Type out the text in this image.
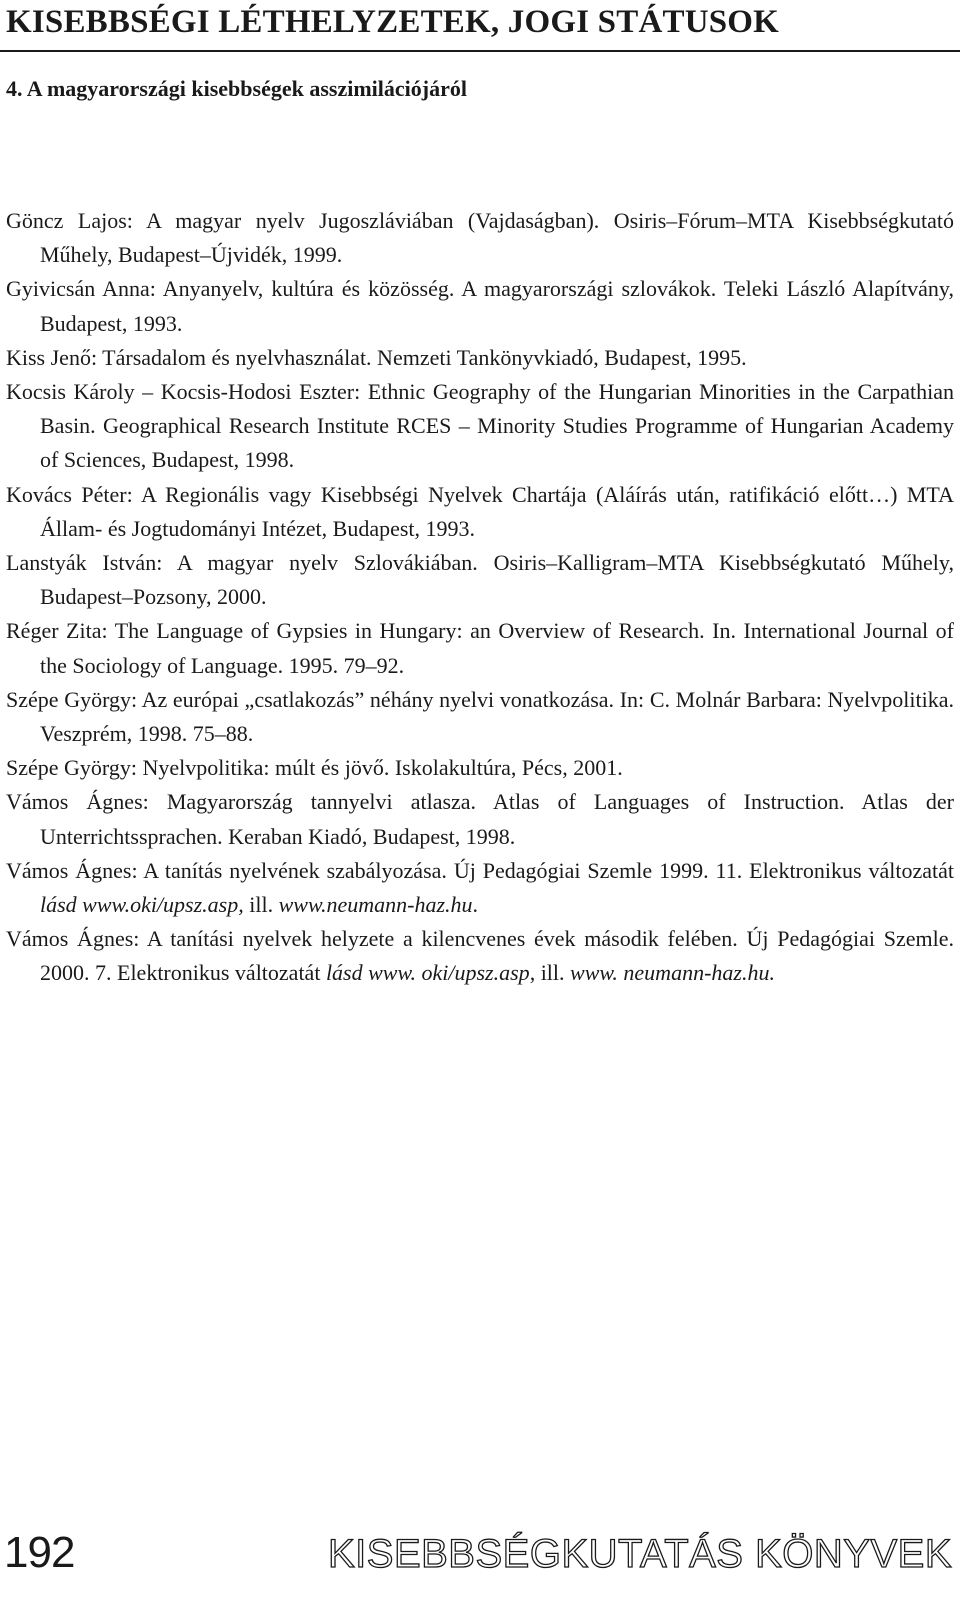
KISEBBSÉGI LÉTHELYZETEK, JOGI STÁTUSOK
4. A magyarországi kisebbségek asszimilációjáról
Göncz Lajos: A magyar nyelv Jugoszláviában (Vajdaságban). Osiris–Fórum–MTA Kisebbségkutató Műhely, Budapest–Újvidék, 1999.
Gyivicsán Anna: Anyanyelv, kultúra és közösség. A magyarországi szlovákok. Teleki László Alapítvány, Budapest, 1993.
Kiss Jenő: Társadalom és nyelvhasználat. Nemzeti Tankönyvkiadó, Budapest, 1995.
Kocsis Károly – Kocsis-Hodosi Eszter: Ethnic Geography of the Hungarian Minorities in the Carpathian Basin. Geographical Research Institute RCES – Minority Studies Programme of Hungarian Academy of Sciences, Budapest, 1998.
Kovács Péter: A Regionális vagy Kisebbségi Nyelvek Chartája (Aláírás után, ratifikáció előtt…) MTA Állam- és Jogtudományi Intézet, Budapest, 1993.
Lanstyák István: A magyar nyelv Szlovákiában. Osiris–Kalligram–MTA Kisebbségkutató Műhely, Budapest–Pozsony, 2000.
Réger Zita: The Language of Gypsies in Hungary: an Overview of Research. In. International Journal of the Sociology of Language. 1995. 79–92.
Szépe György: Az európai „csatlakozás” néhány nyelvi vonatkozása. In: C. Molnár Barbara: Nyelvpolitika. Veszprém, 1998. 75–88.
Szépe György: Nyelvpolitika: múlt és jövő. Iskolakultúra, Pécs, 2001.
Vámos Ágnes: Magyarország tannyelvi atlasza. Atlas of Languages of Instruction. Atlas der Unterrichtssprachen. Keraban Kiadó, Budapest, 1998.
Vámos Ágnes: A tanítás nyelvének szabályozása. Új Pedagógiai Szemle 1999. 11. Elektronikus változatát lásd www.oki/upsz.asp, ill. www.neumann-haz.hu.
Vámos Ágnes: A tanítási nyelvek helyzete a kilencvenes évek második felében. Új Pedagógiai Szemle. 2000. 7. Elektronikus változatát lásd www. oki/upsz.asp, ill. www. neumann-haz.hu.
192	KISEBBSÉGKUTATÁS KÖNYVEK
